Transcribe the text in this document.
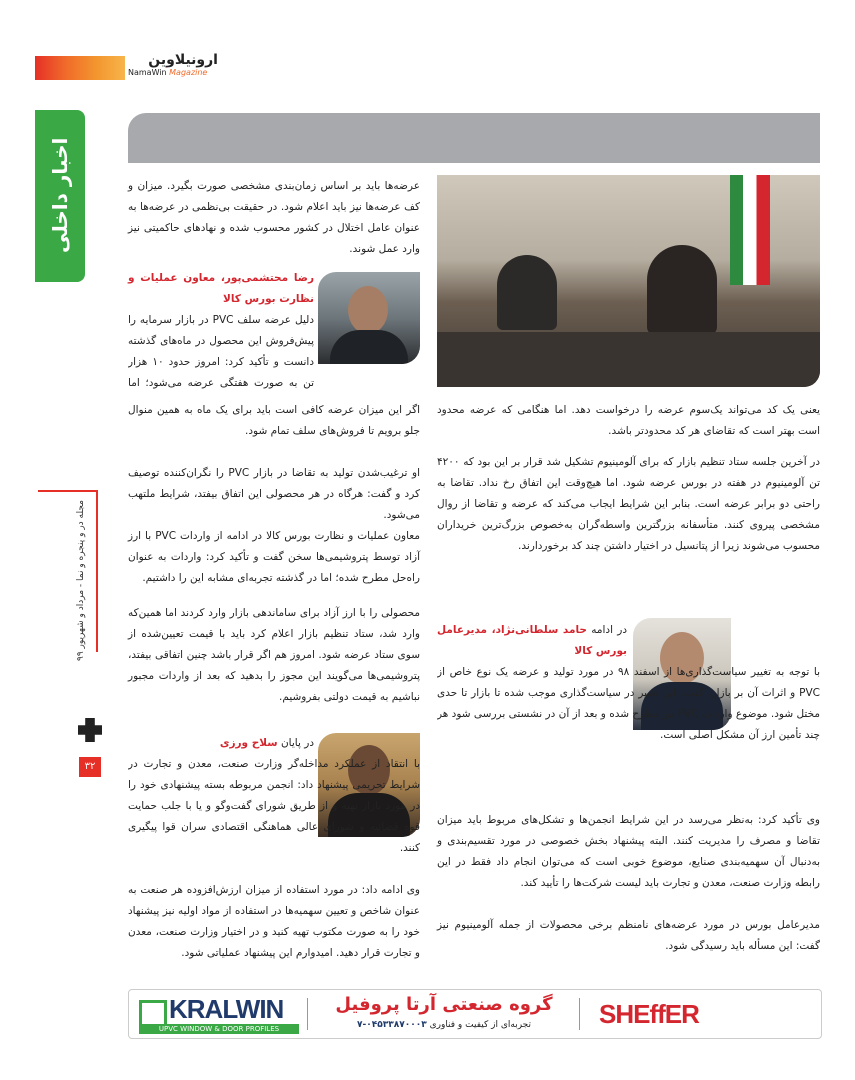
ارونیلاوین
NamaWin Magazine
اخبار داخلی
مجله در و پنجره و نما - مرداد و شهریور ۹۹
۳۲
عرضه‌ها باید بر اساس زمان‌بندی مشخصی صورت بگیرد. میزان و کف عرضه‌ها نیز باید اعلام شود. در حقیقت بی‌نظمی در عرضه‌ها به عنوان عامل اختلال در کشور محسوب شده و نهادهای حاکمیتی نیز وارد عمل شوند.
رضا محتشمی‌پور، معاون عملیات و نظارت بورس کالا
دلیل عرضه سلف PVC در بازار سرمایه را پیش‌فروش این محصول در ماه‌های گذشته دانست و تأکید کرد: امروز حدود ۱۰ هزار تن به صورت هفتگی عرضه می‌شود؛ اما
اگر این میزان عرضه کافی است باید برای یک ماه به همین منوال جلو برویم تا فروش‌های سلف تمام شود.
او ترغیب‌شدن تولید به تقاضا در بازار PVC را نگران‌کننده توصیف کرد و گفت: هرگاه در هر محصولی این اتفاق بیفتد، شرایط ملتهب می‌شود.
معاون عملیات و نظارت بورس کالا در ادامه از واردات PVC با ارز آزاد توسط پتروشیمی‌ها سخن گفت و تأکید کرد: واردات به عنوان راه‌حل مطرح شده؛ اما در گذشته تجربه‌ای مشابه این را داشتیم.
محصولی را با ارز آزاد برای ساماندهی بازار وارد کردند اما همین‌که وارد شد، ستاد تنظیم بازار اعلام کرد باید با قیمت تعیین‌شده از سوی ستاد عرضه شود. امروز هم اگر قرار باشد چنین اتفاقی بیفتد، پتروشیمی‌ها می‌گویند این مجوز را بدهید که بعد از واردات مجبور نباشیم به قیمت دولتی بفروشیم.
در پایان سلاح ورزی
با انتقاد از عملکرد مداخله‌گر وزارت صنعت، معدن و تجارت در شرایط تحریمی پیشنهاد داد: انجمن مربوطه بسته پیشنهادی خود را در مورد بازار تهیه و از طریق شورای گفت‌وگو و یا با جلب حمایت قوه قضائیه و شورای عالی هماهنگی اقتصادی سران قوا پیگیری کنند.
وی ادامه داد: در مورد استفاده از میزان ارزش‌افزوده هر صنعت به عنوان شاخص و تعیین سهمیه‌ها در استفاده از مواد اولیه نیز پیشنهاد خود را به صورت مکتوب تهیه کنید و در اختیار وزارت صنعت، معدن و تجارت قرار دهید. امیدوارم این پیشنهاد عملیاتی شود.
یعنی یک کد می‌تواند یک‌سوم عرضه را درخواست دهد. اما هنگامی که عرضه محدود است بهتر است که تقاضای هر کد محدودتر باشد.
در آخرین جلسه ستاد تنظیم بازار که برای آلومینیوم تشکیل شد قرار بر این بود که ۴۲۰۰ تن آلومینیوم در هفته در بورس عرضه شود. اما هیچ‌وقت این اتفاق رخ نداد. تقاضا به راحتی دو برابر عرضه است. بنابر این شرایط ایجاب می‌کند که عرضه و تقاضا از روال مشخصی پیروی کنند. متأسفانه بزرگترین واسطه‌گران به‌خصوص بزرگ‌ترین خریداران محسوب می‌شوند زیرا از پتانسیل در اختیار داشتن چند کد برخوردارند.
در ادامه حامد سلطانی‌نژاد، مدیرعامل بورس کالا
با توجه به تغییر سیاست‌گذاری‌ها از اسفند ۹۸ در مورد تولید و عرضه یک نوع خاص از PVC و اثرات آن بر بازار، گفت: این تغییر در سیاست‌گذاری موجب شده تا بازار تا حدی مختل شود. موضوع واردات PVC نیز مطرح شده و بعد از آن در نشستی بررسی شود هر چند تأمین ارز آن مشکل اصلی است.
وی تأکید کرد: به‌نظر می‌رسد در این شرایط انجمن‌ها و تشکل‌های مربوط باید میزان تقاضا و مصرف را مدیریت کنند. البته پیشنهاد بخش خصوصی در مورد تقسیم‌بندی و به‌دنبال آن سهمیه‌بندی صنایع، موضوع خوبی است که می‌توان انجام داد فقط در این رابطه وزارت صنعت، معدن و تجارت باید لیست شرکت‌ها را تأیید کند.
مدیرعامل بورس در مورد عرضه‌های نامنظم برخی محصولات از جمله آلومینیوم نیز گفت: این مسأله باید رسیدگی شود.
KRALWIN
UPVC WINDOW & DOOR PROFILES
گروه صنعتی آرتا پروفیل
تجربه‌ای از کیفیت و فناوری ۰۴۵۳۳۸۷۰۰۰۳-۷	SHEffER
